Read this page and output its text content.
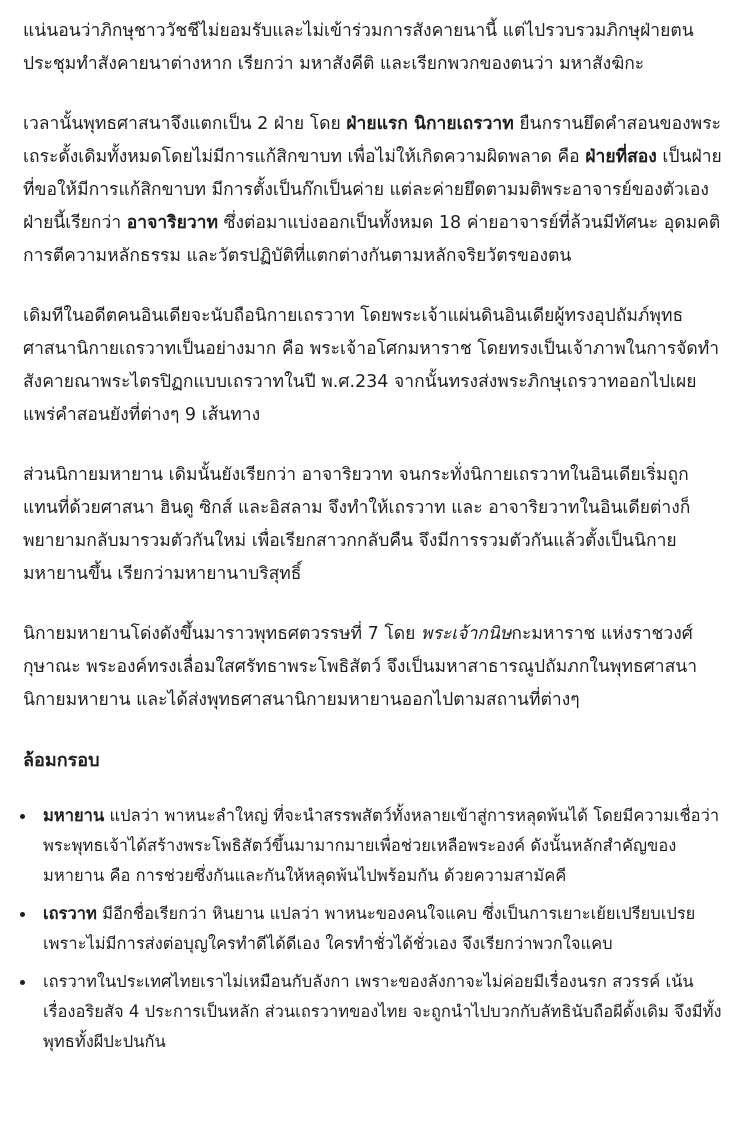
แน่นอนว่าภิกษุชาววัชชีไม่ยอมรับและไม่เข้าร่วมการสังคายนานี้ แต่ไปรวบรวมภิกษุฝ่ายตนประชุมทำสังคายนาต่างหาก เรียกว่า มหาสังคีติ และเรียกพวกของตนว่า มหาสังฆิกะ

เวลานั้นพุทธศาสนาจึงแตกเป็น 2 ฝ่าย โดย ฝ่ายแรก นิกายเถรวาท ยืนกรานยึดคำสอนของพระเถระดั้งเดิมทั้งหมดโดยไม่มีการแก้สิกขาบท เพื่อไม่ให้เกิดความผิดพลาด คือ ฝ่ายที่สอง เป็นฝ่ายที่ขอให้มีการแก้สิกขาบท มีการตั้งเป็นก๊กเป็นค่าย แต่ละค่ายยึดตามมติพระอาจารย์ของตัวเอง ฝ่ายนี้เรียกว่า อาจาริยวาท ซึ่งต่อมาแบ่งออกเป็นทั้งหมด 18 ค่ายอาจารย์ที่ล้วนมีทัศนะ อุดมคติ การตีความหลักธรรม และวัตรปฏิบัติที่แตกต่างกันตามหลักจริยวัตรของตน

เดิมทีในอดีตคนอินเดียจะนับถือนิกายเถรวาท โดยพระเจ้าแผ่นดินอินเดียผู้ทรงอุปถัมภ์พุทธศาสนานิกายเถรวาทเป็นอย่างมาก คือ พระเจ้าอโศกมหาราช โดยทรงเป็นเจ้าภาพในการจัดทำสังคายณาพระไตรปิฏกแบบเถรวาทในปี พ.ศ.234 จากนั้นทรงส่งพระภิกษุเถรวาทออกไปเผยแพร่คำสอนยังที่ต่างๆ 9 เส้นทาง

ส่วนนิกายมหายาน เดิมนั้นยังเรียกว่า อาจาริยวาท จนกระทั่งนิกายเถรวาทในอินเดียเริ่มถูกแทนที่ด้วยศาสนา ฮินดู ซิกส์ และอิสลาม จึงทำให้เถรวาท และ อาจาริยวาทในอินเดียต่างก็พยายามกลับมารวมตัวกันใหม่ เพื่อเรียกสาวกกลับคืน จึงมีการรวมตัวกันแล้วตั้งเป็นนิกายมหายานขึ้น เรียกว่ามหายานาบริสุทธิ์

นิกายมหายานโด่งดังขึ้นมาราวพุทธศตวรรษที่ 7 โดย พระเจ้ากนิษกะมหาราช แห่งราชวงศ์กุษาณะ พระองค์ทรงเลื่อมใสศรัทธาพระโพธิสัตว์ จึงเป็นมหาสาธารณูปถัมภกในพุทธศาสนานิกายมหายาน และได้ส่งพุทธศาสนานิกายมหายานออกไปตามสถานที่ต่างๆ

ล้อมกรอบ

มหายาน แปลว่า พาหนะลำใหญ่ ที่จะนำสรรพสัตว์ทั้งหลายเข้าสู่การหลุดพ้นได้ โดยมีความเชื่อว่า พระพุทธเจ้าได้สร้างพระโพธิสัตว์ขึ้นมามากมายเพื่อช่วยเหลือพระองค์ ดังนั้นหลักสำคัญของมหายาน คือ การช่วยซึ่งกันและกันให้หลุดพ้นไปพร้อมกัน ด้วยความสามัคคี
เถรวาท มีอีกชื่อเรียกว่า หินยาน แปลว่า พาหนะของคนใจแคบ ซึ่งเป็นการเยาะเย้ยเปรียบเปรยเพราะไม่มีการส่งต่อบุญใครทำดีได้ดีเอง ใครทำชั่วได้ชั่วเอง จึงเรียกว่าพวกใจแคบ
เถรวาทในประเทศไทยเราไม่เหมือนกับลังกา เพราะของลังกาจะไม่ค่อยมีเรื่องนรก สวรรค์ เน้นเรื่องอริยสัจ 4 ประการเป็นหลัก ส่วนเถรวาทของไทย จะถูกนำไปบวกกับลัทธินับถือผีดั้งเดิม จึงมีทั้งพุทธทั้งผีปะปนกัน
